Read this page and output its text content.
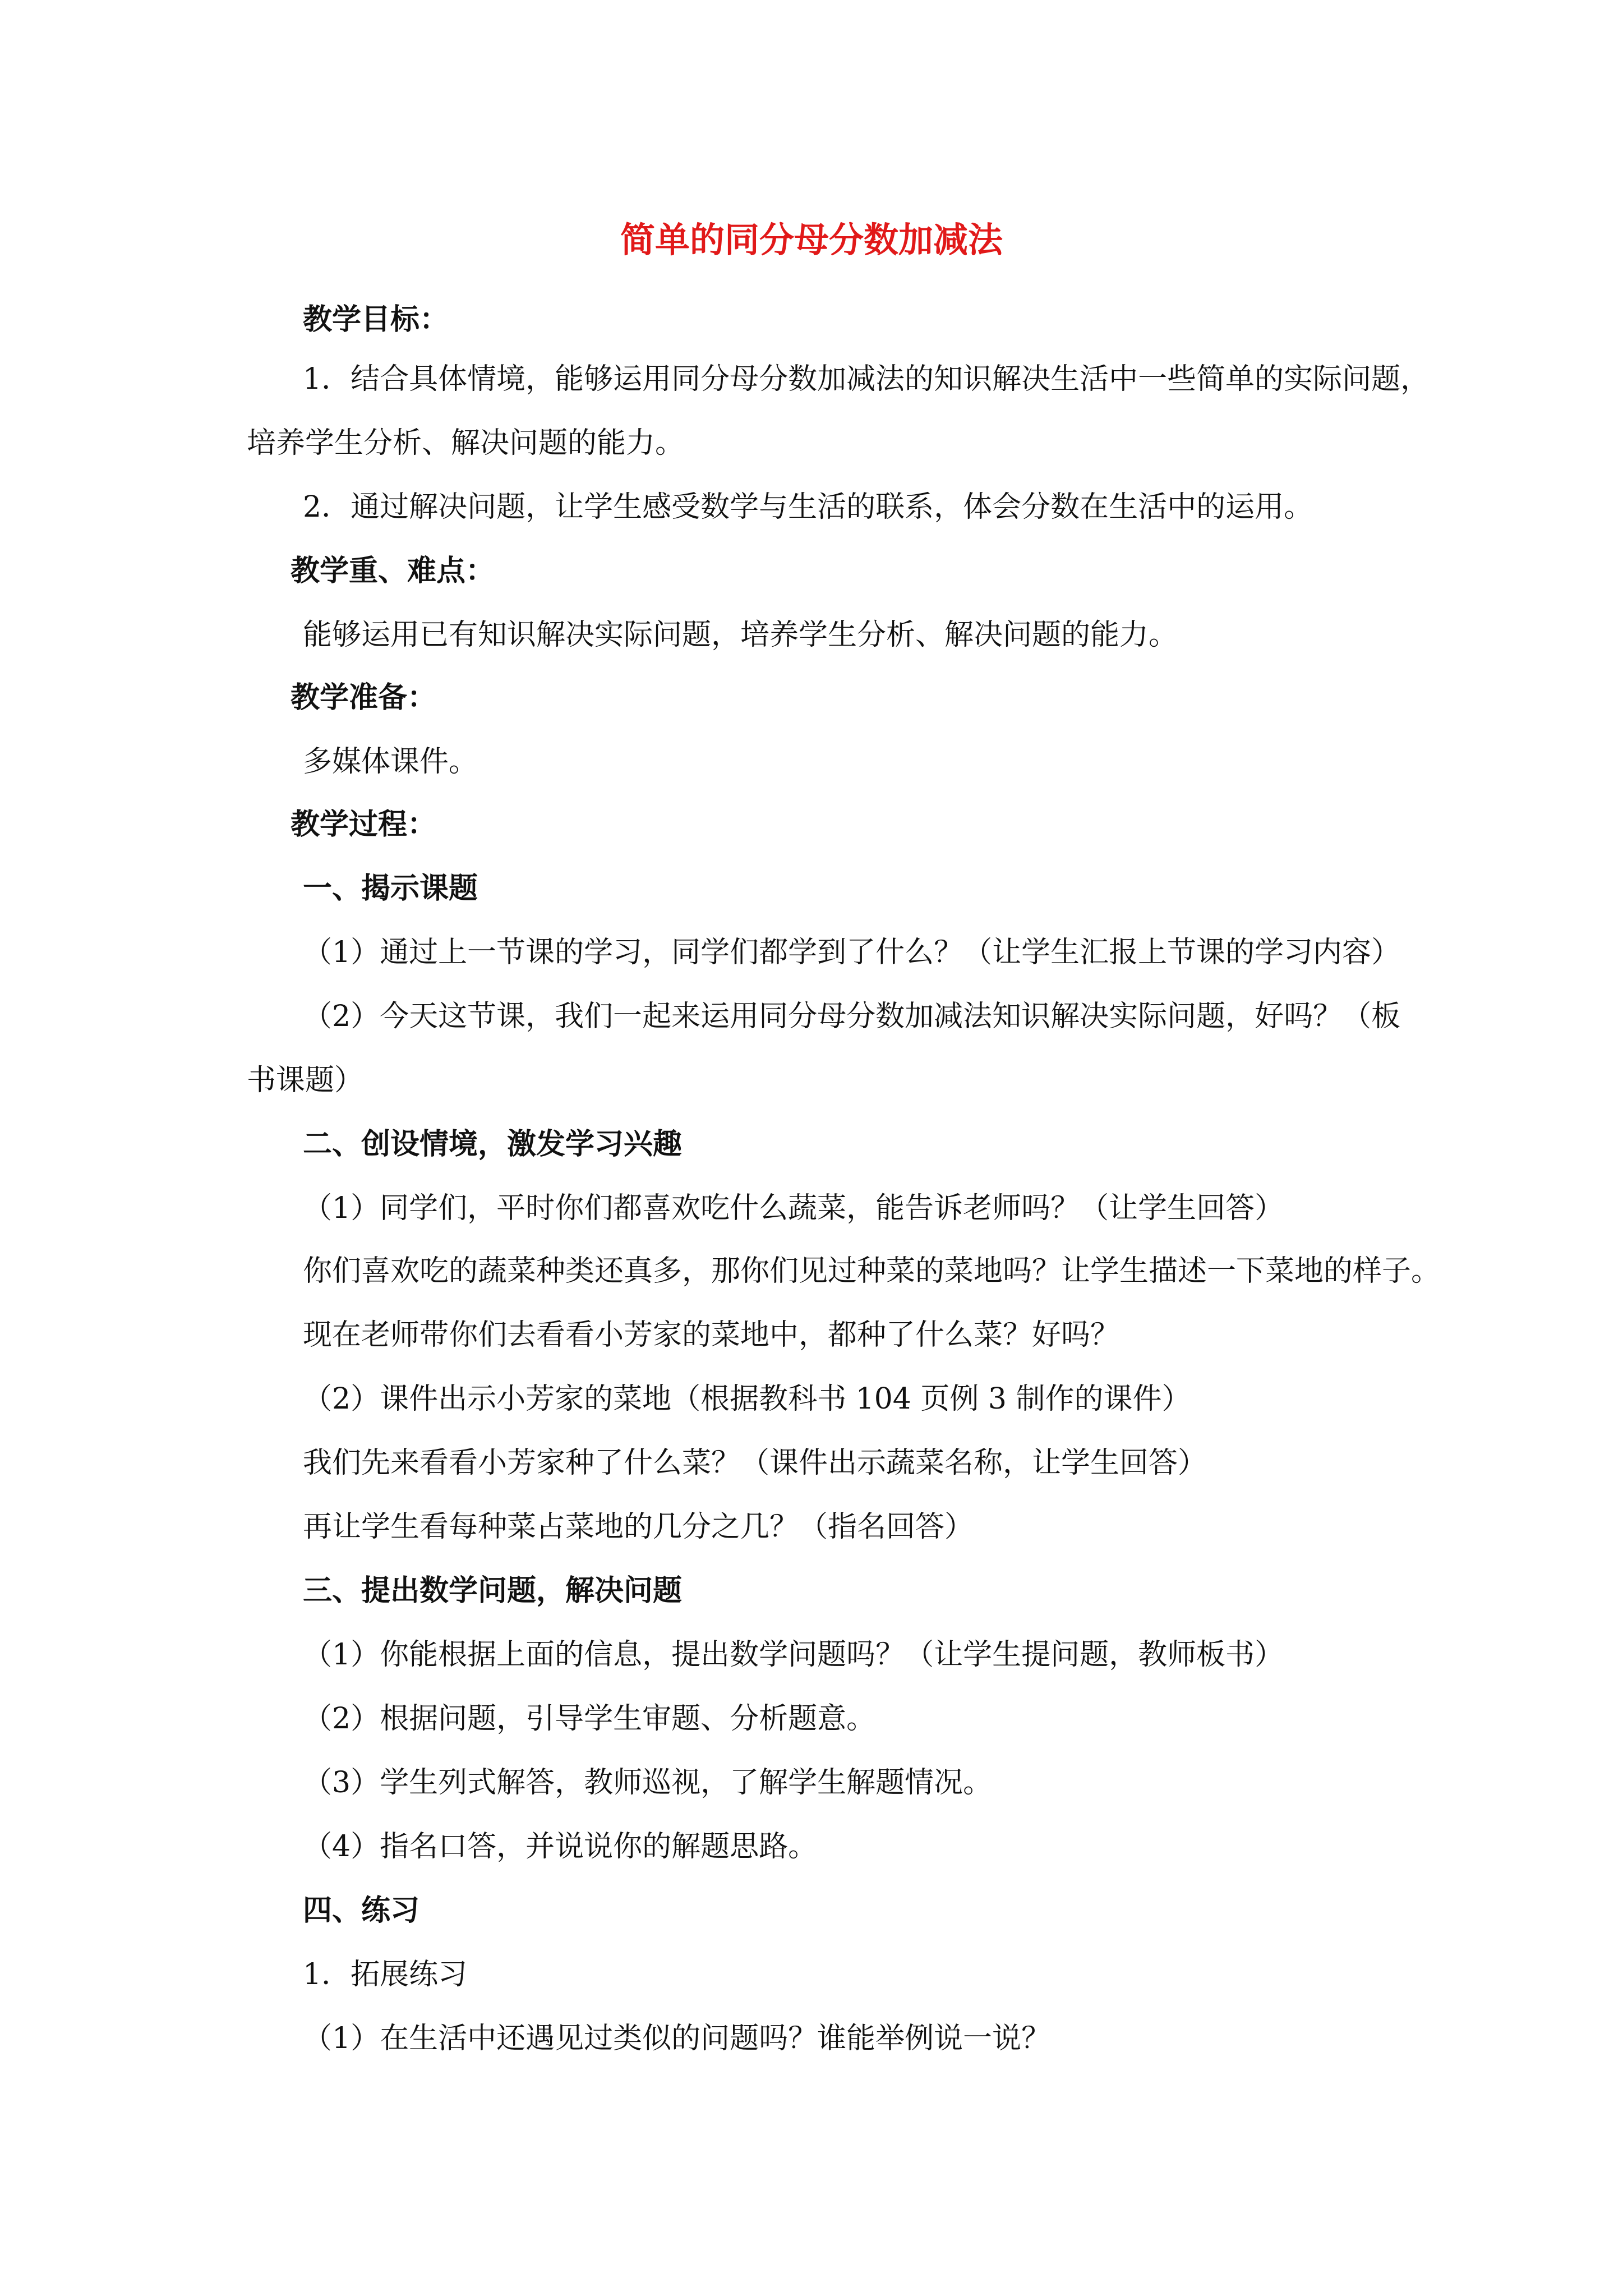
简单的同分母分数加减法
教学目标：
1．结合具体情境，能够运用同分母分数加减法的知识解决生活中一些简单的实际问题，
培养学生分析、解决问题的能力。
2．通过解决问题，让学生感受数学与生活的联系，体会分数在生活中的运用。
教学重、难点：
能够运用已有知识解决实际问题，培养学生分析、解决问题的能力。
教学准备：
多媒体课件。
教学过程：
一、揭示课题
（1）通过上一节课的学习，同学们都学到了什么？（让学生汇报上节课的学习内容）
（2）今天这节课，我们一起来运用同分母分数加减法知识解决实际问题，好吗？（板
书课题）
二、创设情境，激发学习兴趣
（1）同学们，平时你们都喜欢吃什么蔬菜，能告诉老师吗？（让学生回答）
你们喜欢吃的蔬菜种类还真多，那你们见过种菜的菜地吗？让学生描述一下菜地的样子。
现在老师带你们去看看小芳家的菜地中，都种了什么菜？好吗？
（2）课件出示小芳家的菜地（根据教科书 104 页例 3 制作的课件）
我们先来看看小芳家种了什么菜？（课件出示蔬菜名称，让学生回答）
再让学生看每种菜占菜地的几分之几？（指名回答）
三、提出数学问题，解决问题
（1）你能根据上面的信息，提出数学问题吗？（让学生提问题，教师板书）
（2）根据问题，引导学生审题、分析题意。
（3）学生列式解答，教师巡视，了解学生解题情况。
（4）指名口答，并说说你的解题思路。
四、练习
1．拓展练习
（1）在生活中还遇见过类似的问题吗？谁能举例说一说？
